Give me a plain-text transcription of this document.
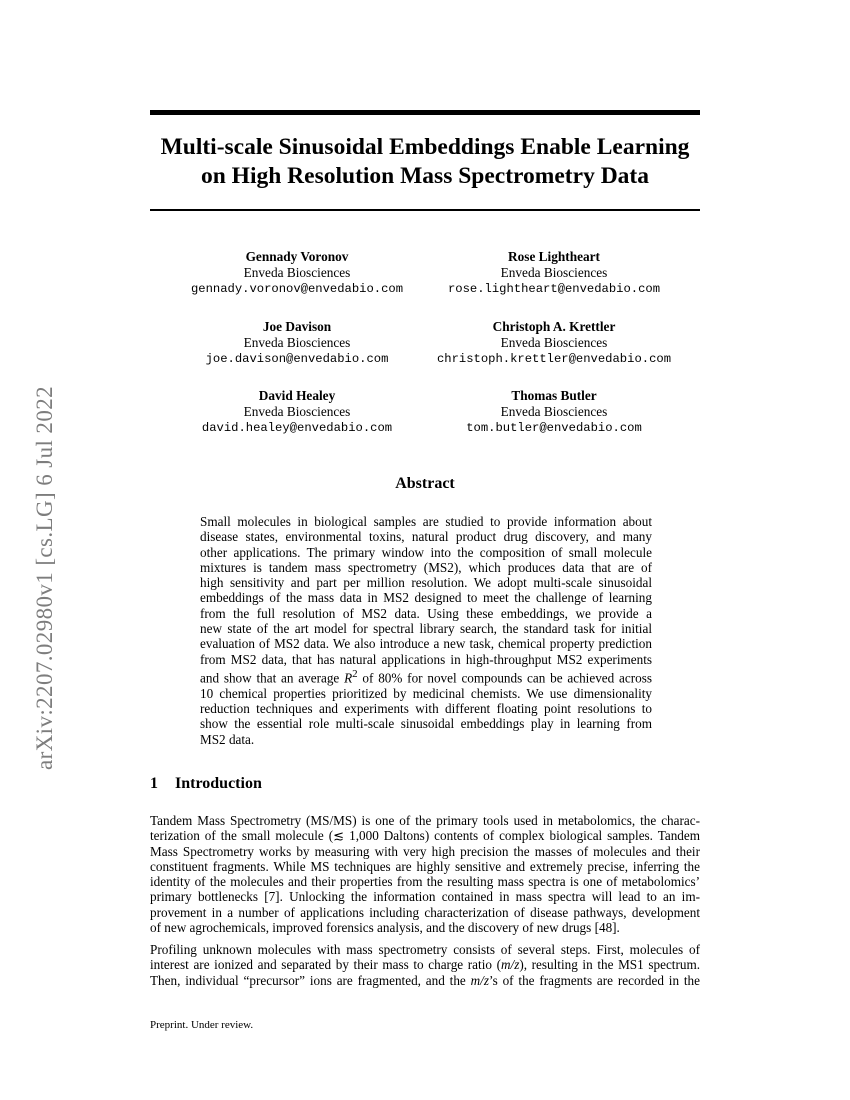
Multi-scale Sinusoidal Embeddings Enable Learning
on High Resolution Mass Spectrometry Data
arXiv:2207.02980v1 [cs.LG] 6 Jul 2022
Gennady Voronov
Enveda Biosciences
gennady.voronov@envedabio.com
Rose Lightheart
Enveda Biosciences
rose.lightheart@envedabio.com
Joe Davison
Enveda Biosciences
joe.davison@envedabio.com
Christoph A. Krettler
Enveda Biosciences
christoph.krettler@envedabio.com
David Healey
Enveda Biosciences
david.healey@envedabio.com
Thomas Butler
Enveda Biosciences
tom.butler@envedabio.com
Abstract
Small molecules in biological samples are studied to provide information about
disease states, environmental toxins, natural product drug discovery, and many
other applications. The primary window into the composition of small molecule
mixtures is tandem mass spectrometry (MS2), which produces data that are of
high sensitivity and part per million resolution. We adopt multi-scale sinusoidal
embeddings of the mass data in MS2 designed to meet the challenge of learning
from the full resolution of MS2 data. Using these embeddings, we provide a
new state of the art model for spectral library search, the standard task for initial
evaluation of MS2 data. We also introduce a new task, chemical property prediction
from MS2 data, that has natural applications in high-throughput MS2 experiments
and show that an average $R^2$ of 80% for novel compounds can be achieved across
10 chemical properties prioritized by medicinal chemists. We use dimensionality
reduction techniques and experiments with different floating point resolutions to
show the essential role multi-scale sinusoidal embeddings play in learning from
MS2 data.
1 Introduction
Tandem Mass Spectrometry (MS/MS) is one of the primary tools used in metabolomics, the charac-
terization of the small molecule (≲ 1,000 Daltons) contents of complex biological samples. Tandem
Mass Spectrometry works by measuring with very high precision the masses of molecules and their
constituent fragments. While MS techniques are highly sensitive and extremely precise, inferring the
identity of the molecules and their properties from the resulting mass spectra is one of metabolomics’
primary bottlenecks [7]. Unlocking the information contained in mass spectra will lead to an im-
provement in a number of applications including characterization of disease pathways, development
of new agrochemicals, improved forensics analysis, and the discovery of new drugs [48].
Profiling unknown molecules with mass spectrometry consists of several steps. First, molecules of
interest are ionized and separated by their mass to charge ratio (m/z), resulting in the MS1 spectrum.
Then, individual “precursor” ions are fragmented, and the m/z’s of the fragments are recorded in the
Preprint. Under review.
